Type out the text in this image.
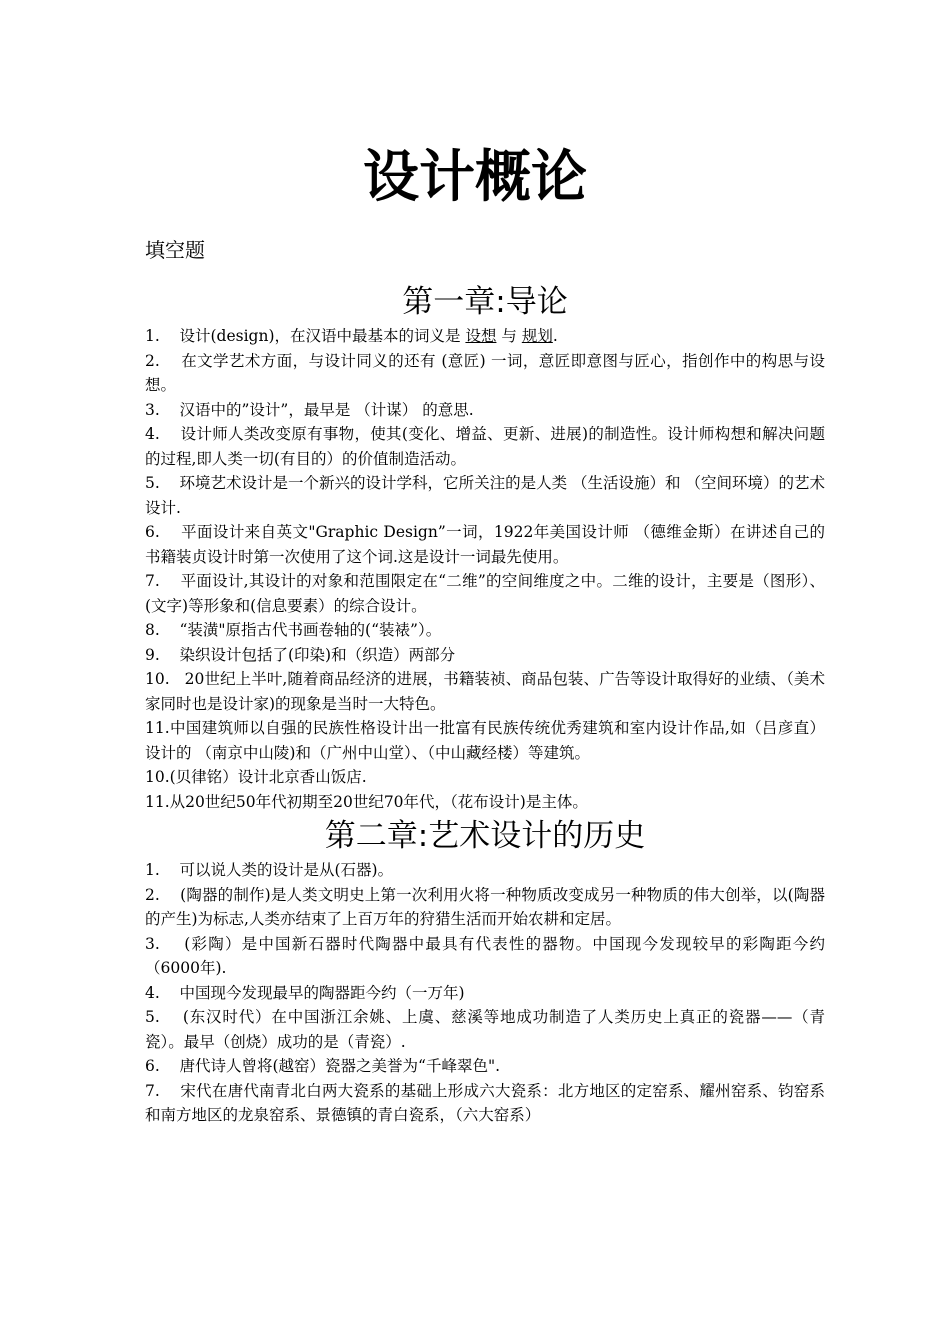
设计概论
填空题
第一章:导论

1.    设计(design)，在汉语中最基本的词义是 设想 与 规划.

2.    在文学艺术方面，与设计同义的还有 (意匠) 一词，意匠即意图与匠心，指创作中的构思与设想。

3.    汉语中的”设计”，最早是 （计谋） 的意思.

4.    设计师人类改变原有事物，使其(变化、增益、更新、进展)的制造性。设计师构想和解决问题的过程,即人类一切(有目的）的价值制造活动。

5.    环境艺术设计是一个新兴的设计学科，它所关注的是人类 （生活设施）和 （空间环境）的艺术设计.

6.    平面设计来自英文"Graphic Design”一词，1922年美国设计师 （德维金斯）在讲述自己的书籍装贞设计时第一次使用了这个词.这是设计一词最先使用。

7.    平面设计,其设计的对象和范围限定在“二维”的空间维度之中。二维的设计，主要是（图形）、(文字)等形象和(信息要素）的综合设计。

8.    “装潢"原指古代书画卷轴的(“装裱”）。

9.    染织设计包括了(印染)和（织造）两部分

10.   20世纪上半叶,随着商品经济的进展，书籍装祯、商品包装、广告等设计取得好的业绩、（美术家同时也是设计家)的现象是当时一大特色。

11.中国建筑师以自强的民族性格设计出一批富有民族传统优秀建筑和室内设计作品,如（吕彦直）设计的 （南京中山陵)和（广州中山堂）、（中山藏经楼）等建筑。

10.(贝律铭）设计北京香山饭店.

11.从20世纪50年代初期至20世纪70年代，（花布设计)是主体。

第二章:艺术设计的历史

1.    可以说人类的设计是从(石器)。

2.    (陶器的制作)是人类文明史上第一次利用火将一种物质改变成另一种物质的伟大创举，以(陶器的产生)为标志,人类亦结束了上百万年的狩猎生活而开始农耕和定居。

3.    (彩陶）是中国新石器时代陶器中最具有代表性的器物。中国现今发现较早的彩陶距今约（6000年).

4.    中国现今发现最早的陶器距今约（一万年)

5.    (东汉时代）在中国浙江余姚、上虞、慈溪等地成功制造了人类历史上真正的瓷器——（青瓷）。最早（创烧）成功的是（青瓷）.

6.    唐代诗人曾将(越窑）瓷器之美誉为“千峰翠色".

7.    宋代在唐代南青北白两大瓷系的基础上形成六大瓷系：北方地区的定窑系、耀州窑系、钧窑系和南方地区的龙泉窑系、景德镇的青白瓷系，（六大窑系）
